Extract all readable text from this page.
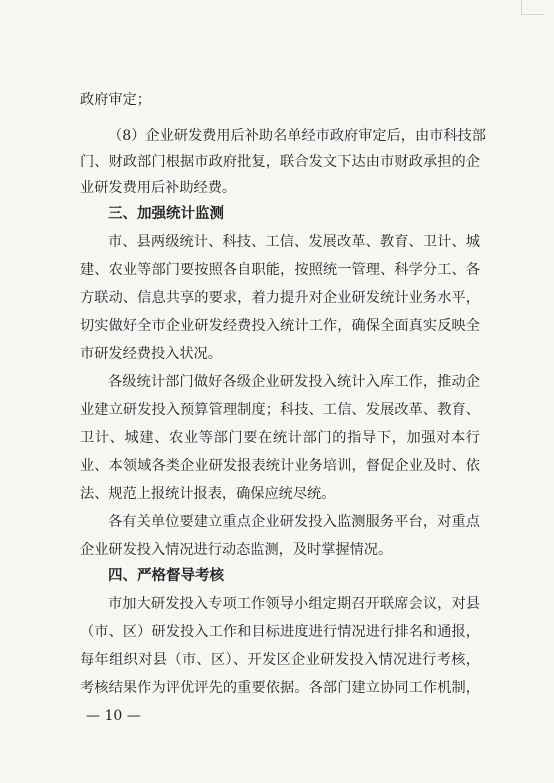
政府审定；
（8）企业研发费用后补助名单经市政府审定后，由市科技部
门、财政部门根据市政府批复，联合发文下达由市财政承担的企
业研发费用后补助经费。
三、加强统计监测
市、县两级统计、科技、工信、发展改革、教育、卫计、城
建、农业等部门要按照各自职能，按照统一管理、科学分工、各
方联动、信息共享的要求，着力提升对企业研发统计业务水平，
切实做好全市企业研发经费投入统计工作，确保全面真实反映全
市研发经费投入状况。
各级统计部门做好各级企业研发投入统计入库工作，推动企
业建立研发投入预算管理制度；科技、工信、发展改革、教育、
卫计、城建、农业等部门要在统计部门的指导下，加强对本行
业、本领域各类企业研发报表统计业务培训，督促企业及时、依
法、规范上报统计报表，确保应统尽统。
各有关单位要建立重点企业研发投入监测服务平台，对重点
企业研发投入情况进行动态监测，及时掌握情况。
四、严格督导考核
市加大研发投入专项工作领导小组定期召开联席会议，对县
（市、区）研发投入工作和目标进度进行情况进行排名和通报，
每年组织对县（市、区）、开发区企业研发投入情况进行考核，
考核结果作为评优评先的重要依据。各部门建立协同工作机制，
— 10 —
